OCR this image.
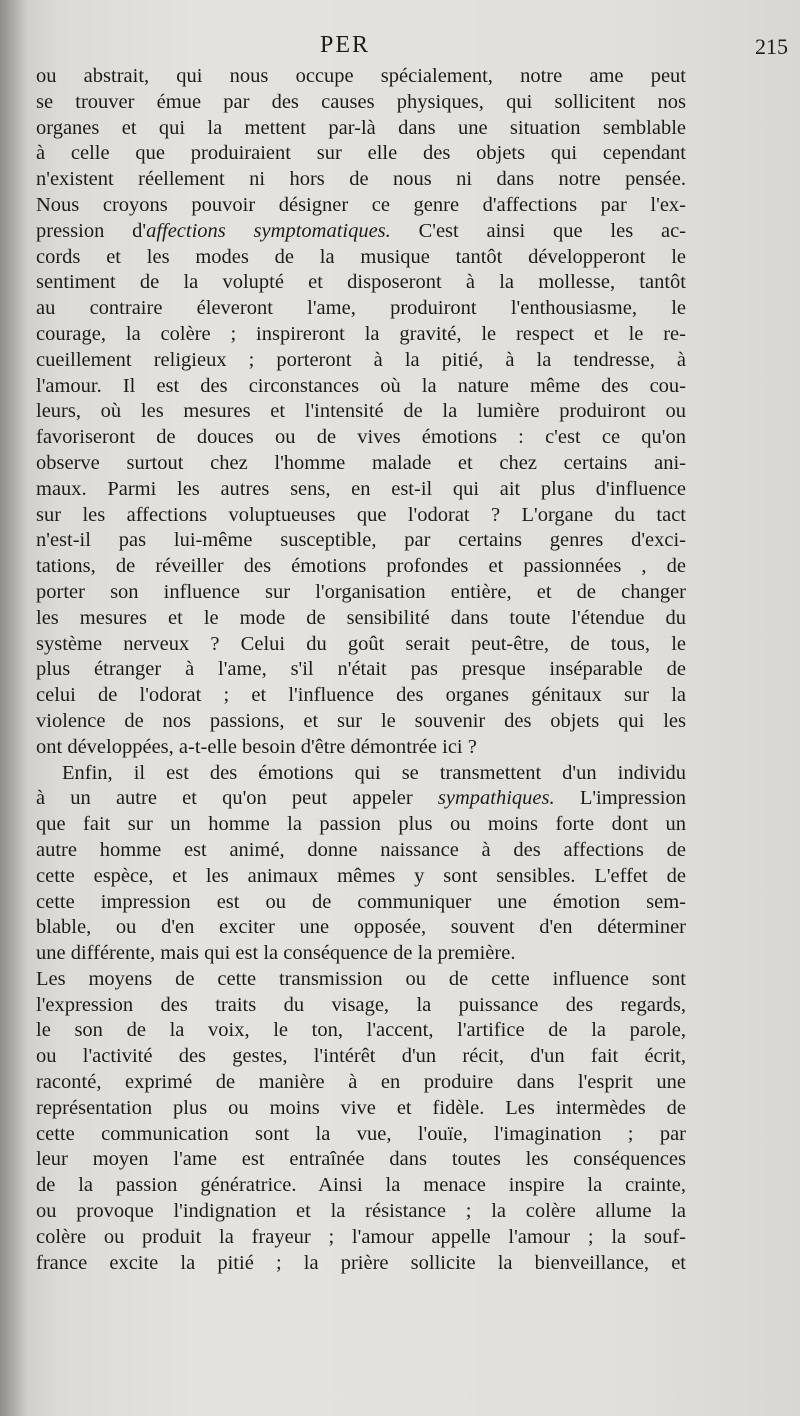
PER	215
ou abstrait, qui nous occupe spécialement, notre ame peut
se trouver émue par des causes physiques, qui sollicitent nos
organes et qui la mettent par-là dans une situation semblable
à celle que produiraient sur elle des objets qui cependant
n'existent réellement ni hors de nous ni dans notre pensée.
Nous croyons pouvoir désigner ce genre d'affections par l'ex-
pression d'affections symptomatiques. C'est ainsi que les ac-
cords et les modes de la musique tantôt développeront le
sentiment de la volupté et disposeront à la mollesse, tantôt
au contraire éleveront l'ame, produiront l'enthousiasme, le
courage, la colère ; inspireront la gravité, le respect et le re-
cueillement religieux ; porteront à la pitié, à la tendresse, à
l'amour. Il est des circonstances où la nature même des cou-
leurs, où les mesures et l'intensité de la lumière produiront ou
favoriseront de douces ou de vives émotions : c'est ce qu'on
observe surtout chez l'homme malade et chez certains ani-
maux. Parmi les autres sens, en est-il qui ait plus d'influence
sur les affections voluptueuses que l'odorat ? L'organe du tact
n'est-il pas lui-même susceptible, par certains genres d'exci-
tations, de réveiller des émotions profondes et passionnées , de
porter son influence sur l'organisation entière, et de changer
les mesures et le mode de sensibilité dans toute l'étendue du
système nerveux ? Celui du goût serait peut-être, de tous, le
plus étranger à l'ame, s'il n'était pas presque inséparable de
celui de l'odorat ; et l'influence des organes génitaux sur la
violence de nos passions, et sur le souvenir des objets qui les
ont développées, a-t-elle besoin d'être démontrée ici ?
Enfin, il est des émotions qui se transmettent d'un individu
à un autre et qu'on peut appeler sympathiques. L'impression
que fait sur un homme la passion plus ou moins forte dont un
autre homme est animé, donne naissance à des affections de
cette espèce, et les animaux mêmes y sont sensibles. L'effet de
cette impression est ou de communiquer une émotion sem-
blable, ou d'en exciter une opposée, souvent d'en déterminer
une différente, mais qui est la conséquence de la première.
Les moyens de cette transmission ou de cette influence sont
l'expression des traits du visage, la puissance des regards,
le son de la voix, le ton, l'accent, l'artifice de la parole,
ou l'activité des gestes, l'intérêt d'un récit, d'un fait écrit,
raconté, exprimé de manière à en produire dans l'esprit une
représentation plus ou moins vive et fidèle. Les intermèdes de
cette communication sont la vue, l'ouïe, l'imagination ; par
leur moyen l'ame est entraînée dans toutes les conséquences
de la passion génératrice. Ainsi la menace inspire la crainte,
ou provoque l'indignation et la résistance ; la colère allume la
colère ou produit la frayeur ; l'amour appelle l'amour ; la souf-
france excite la pitié ; la prière sollicite la bienveillance, et
